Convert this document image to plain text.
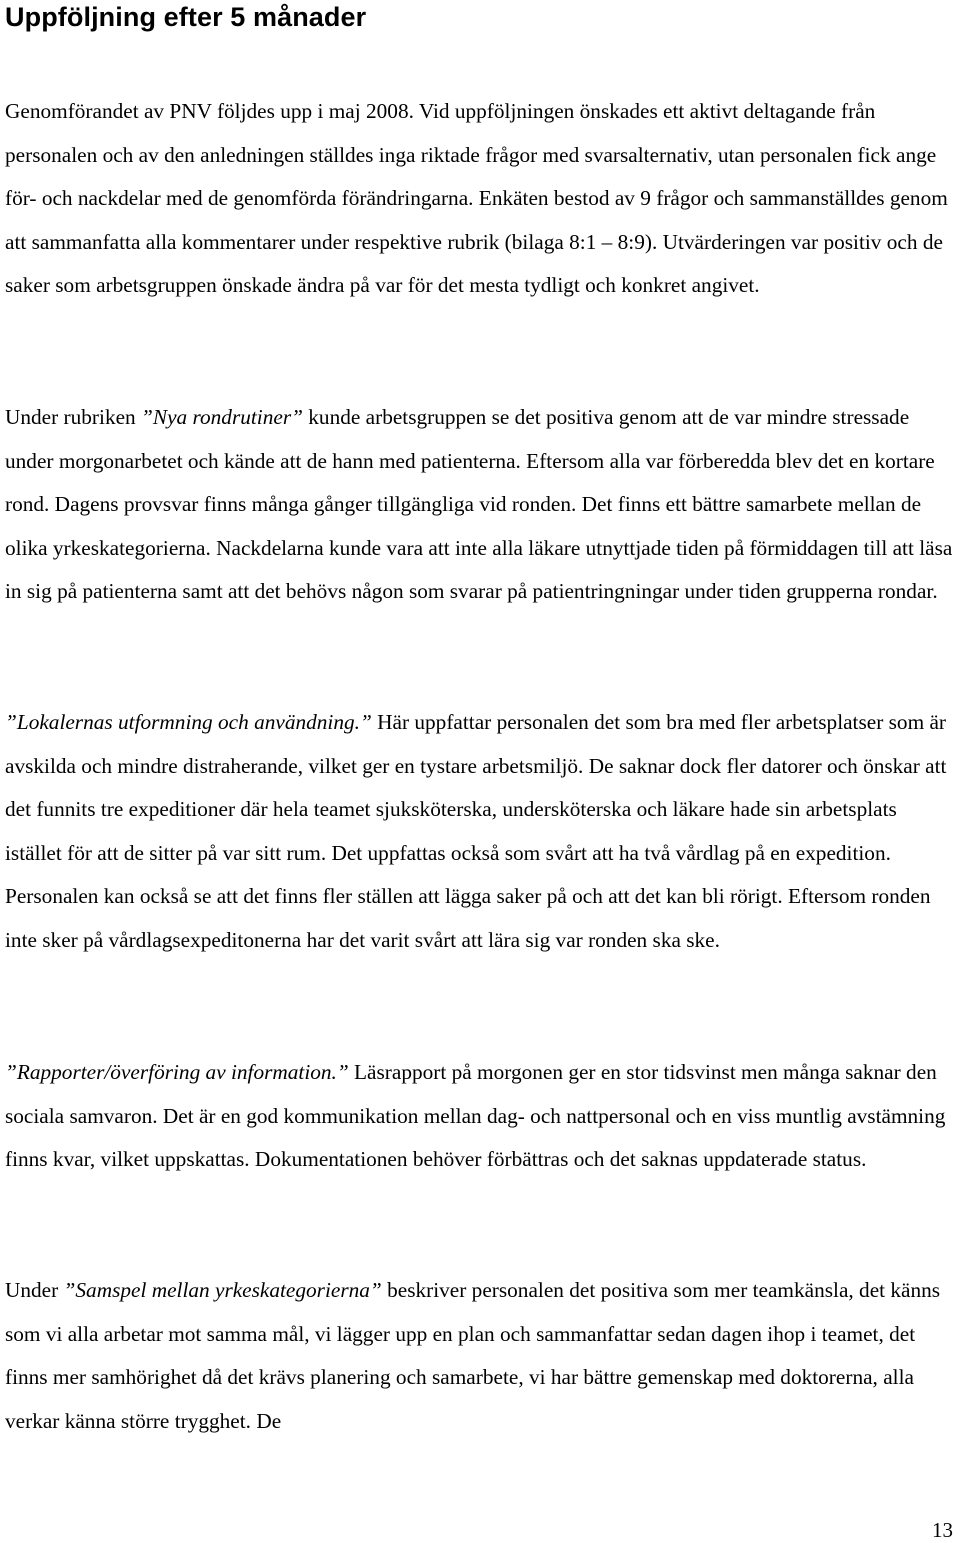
Uppföljning efter 5 månader

Genomförandet av PNV följdes upp i maj 2008. Vid uppföljningen önskades ett aktivt deltagande från personalen och av den anledningen ställdes inga riktade frågor med svarsalternativ, utan personalen fick ange för- och nackdelar med de genomförda förändringarna. Enkäten bestod av 9 frågor och sammanställdes genom att sammanfatta alla kommentarer under respektive rubrik (bilaga 8:1 – 8:9). Utvärderingen var positiv och de saker som arbetsgruppen önskade ändra på var för det mesta tydligt och konkret angivet.

Under rubriken ”Nya rondrutiner” kunde arbetsgruppen se det positiva genom att de var mindre stressade under morgonarbetet och kände att de hann med patienterna. Eftersom alla var förberedda blev det en kortare rond. Dagens provsvar finns många gånger tillgängliga vid ronden. Det finns ett bättre samarbete mellan de olika yrkeskategorierna. Nackdelarna kunde vara att inte alla läkare utnyttjade tiden på förmiddagen till att läsa in sig på patienterna samt att det behövs någon som svarar på patientringningar under tiden grupperna rondar.

”Lokalernas utformning och användning.” Här uppfattar personalen det som bra med fler arbetsplatser som är avskilda och mindre distraherande, vilket ger en tystare arbetsmiljö. De saknar dock fler datorer och önskar att det funnits tre expeditioner där hela teamet sjuksköterska, undersköterska och läkare hade sin arbetsplats istället för att de sitter på var sitt rum. Det uppfattas också som svårt att ha två vårdlag på en expedition. Personalen kan också se att det finns fler ställen att lägga saker på och att det kan bli rörigt. Eftersom ronden inte sker på vårdlagsexpeditonerna har det varit svårt att lära sig var ronden ska ske.

”Rapporter/överföring av information.” Läsrapport på morgonen ger en stor tidsvinst men många saknar den sociala samvaron. Det är en god kommunikation mellan dag- och nattpersonal och en viss muntlig avstämning finns kvar, vilket uppskattas. Dokumentationen behöver förbättras och det saknas uppdaterade status.

Under ”Samspel mellan yrkeskategorierna” beskriver personalen det positiva som mer teamkänsla, det känns som vi alla arbetar mot samma mål, vi lägger upp en plan och sammanfattar sedan dagen ihop i teamet, det finns mer samhörighet då det krävs planering och samarbete, vi har bättre gemenskap med doktorerna, alla verkar känna större trygghet. De

13
